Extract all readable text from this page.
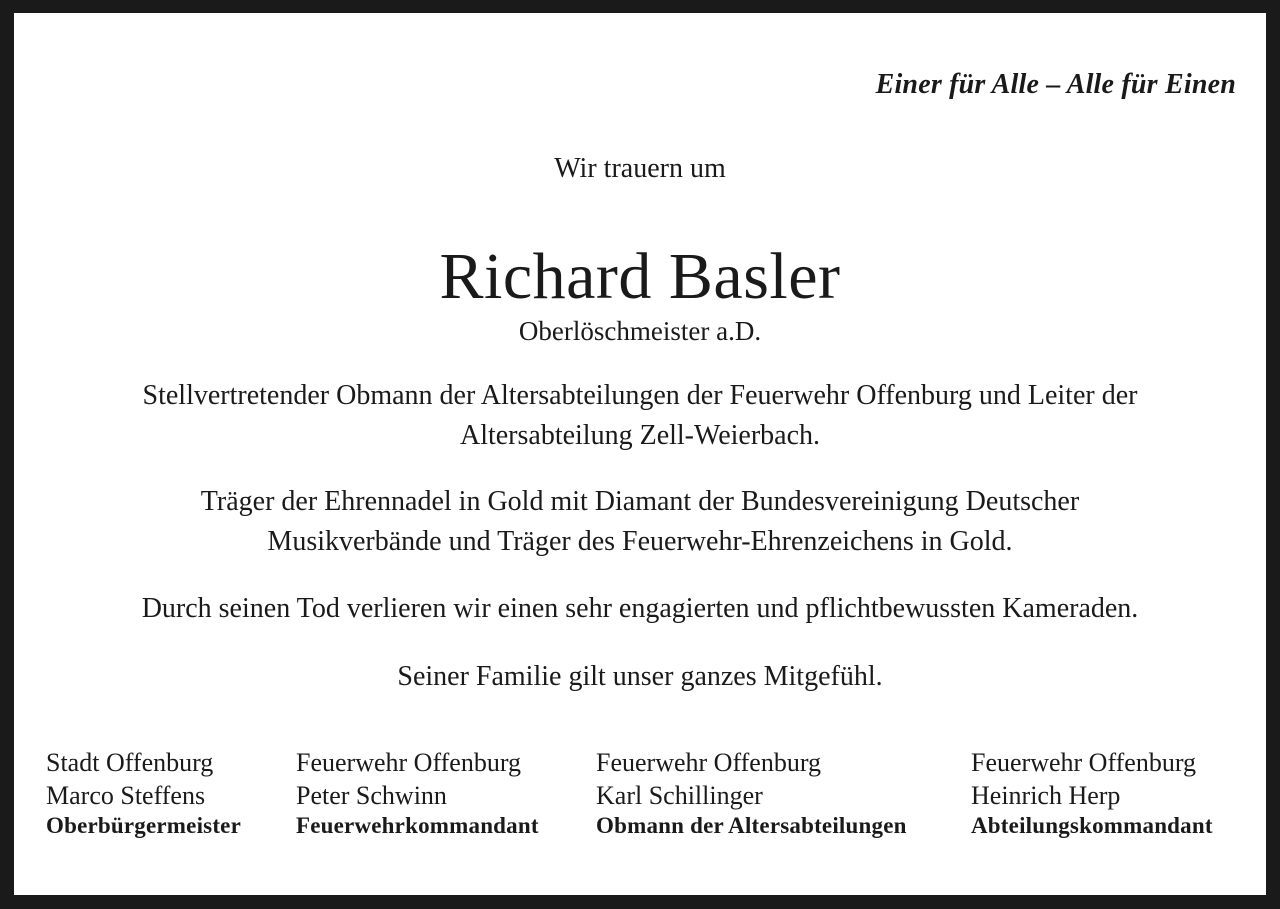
Einer für Alle – Alle für Einen
Wir trauern um
Richard Basler
Oberlöschmeister a.D.
Stellvertretender Obmann der Altersabteilungen der Feuerwehr Offenburg und Leiter der
Altersabteilung Zell-Weierbach.
Träger der Ehrennadel in Gold mit Diamant der Bundesvereinigung Deutscher
Musikverbände und Träger des Feuerwehr-Ehrenzeichens in Gold.
Durch seinen Tod verlieren wir einen sehr engagierten und pflichtbewussten Kameraden.
Seiner Familie gilt unser ganzes Mitgefühl.
Stadt Offenburg
Marco Steffens
Oberbürgermeister
Feuerwehr Offenburg
Peter Schwinn
Feuerwehrkommandant
Feuerwehr Offenburg
Karl Schillinger
Obmann der Altersabteilungen
Feuerwehr Offenburg
Heinrich Herp
Abteilungskommandant
